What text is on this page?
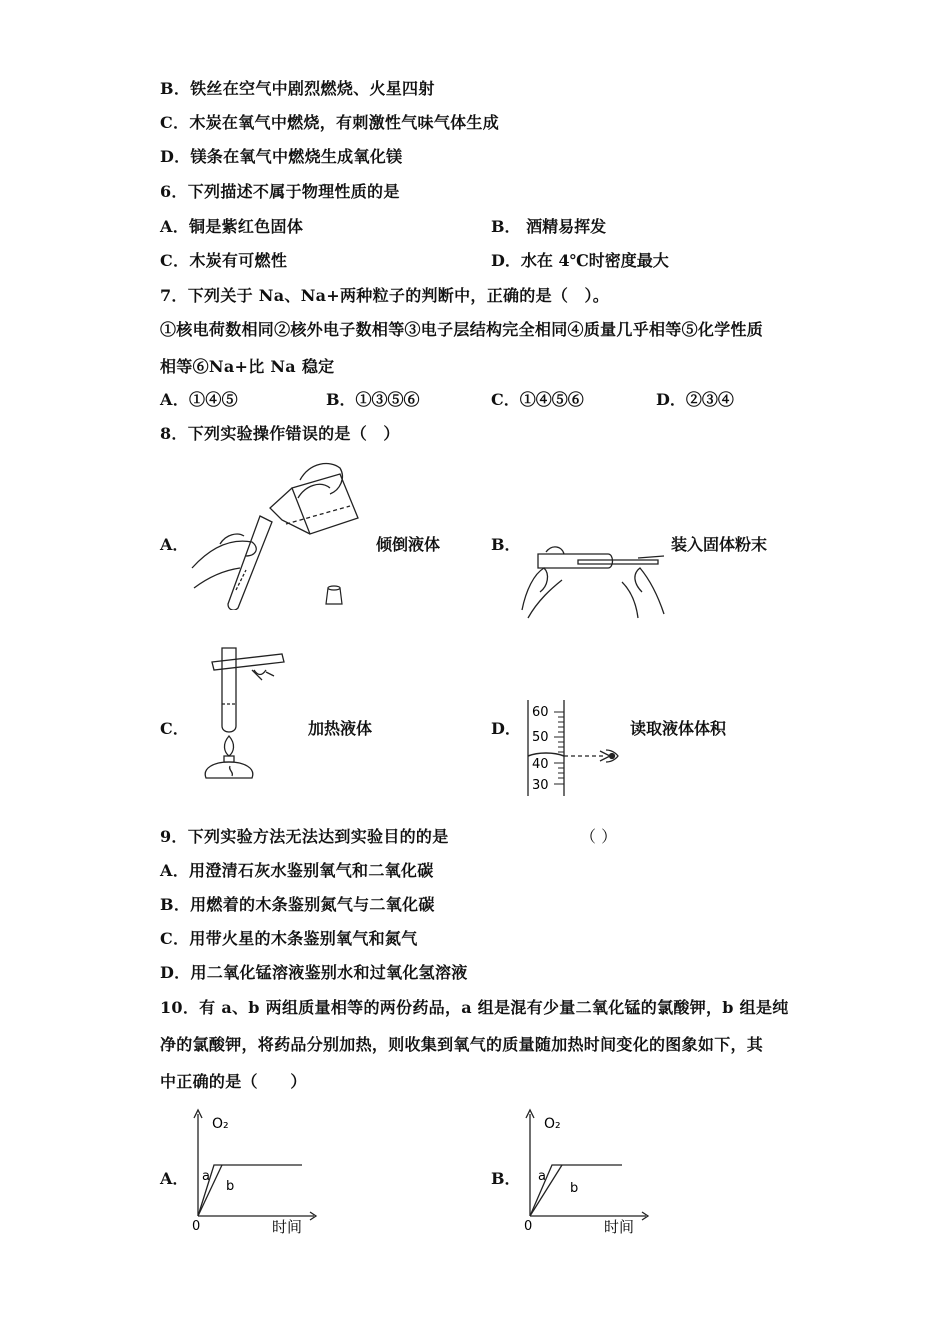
B．铁丝在空气中剧烈燃烧、火星四射
C．木炭在氧气中燃烧，有刺激性气味气体生成
D．镁条在氧气中燃烧生成氧化镁
6．下列描述不属于物理性质的是
A．铜是紫红色固体	B． 酒精易挥发
C．木炭有可燃性	D．水在 4℃时密度最大
7．下列关于 Na、Na+两种粒子的判断中，正确的是（　）。
①核电荷数相同②核外电子数相等③电子层结构完全相同④质量几乎相等⑤化学性质
相等⑥Na+比 Na 稳定
A．①④⑤	B．①③⑤⑥	C．①④⑤⑥	D．②③④
8．下列实验操作错误的是（　）
A．	倾倒液体	B．	装入固体粉末
C．	加热液体	D．
60
50
40
30
读取液体体积
9．下列实验方法无法达到实验目的的是	（ ）
A．用澄清石灰水鉴别氧气和二氧化碳
B．用燃着的木条鉴别氮气与二氧化碳
C．用带火星的木条鉴别氧气和氮气
D．用二氧化锰溶液鉴别水和过氧化氢溶液
10．有 a、b 两组质量相等的两份药品，a 组是混有少量二氧化锰的氯酸钾，b 组是纯
净的氯酸钾，将药品分别加热，则收集到氧气的质量随加热时间变化的图象如下，其
中正确的是（　　）
A．
O₂
0	时间
a
b	B．
O₂
0	时间
a
b
